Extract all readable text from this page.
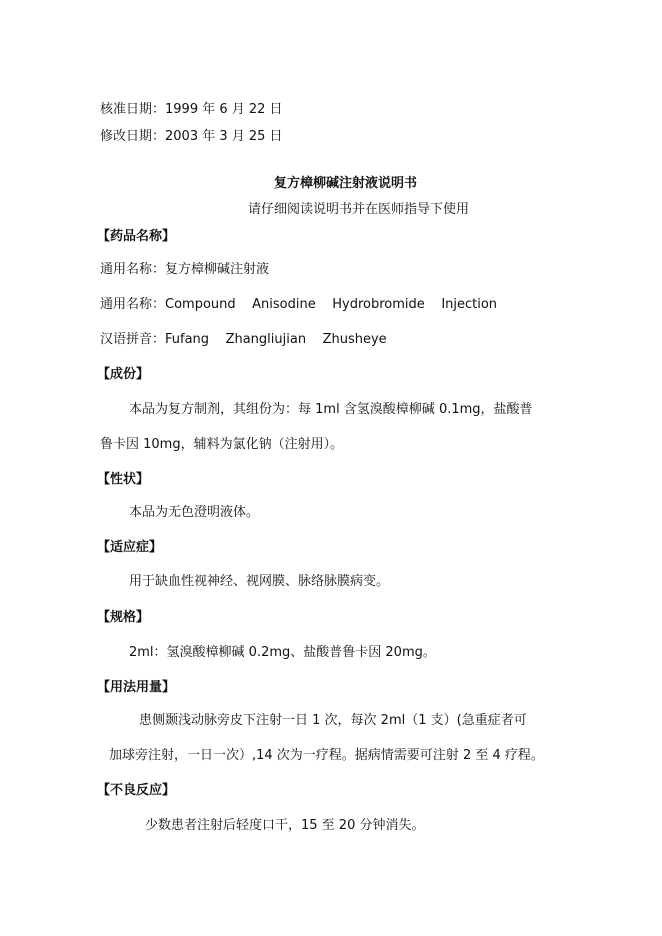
核准日期：1999 年 6 月 22 日
修改日期：2003 年 3 月 25 日
复方樟柳碱注射液说明书
请仔细阅读说明书并在医师指导下使用
【药品名称】
通用名称：复方樟柳碱注射液
通用名称：Compound    Anisodine    Hydrobromide    Injection
汉语拼音：Fufang    Zhangliujian    Zhusheye
【成份】
本品为复方制剂，其组份为：每 1ml 含氢溴酸樟柳碱 0.1mg，盐酸普
鲁卡因 10mg，辅料为氯化钠（注射用）。
【性状】
本品为无色澄明液体。
【适应症】
用于缺血性视神经、视网膜、脉络脉膜病变。
【规格】
2ml：氢溴酸樟柳碱 0.2mg、盐酸普鲁卡因 20mg。
【用法用量】
患侧颞浅动脉旁皮下注射一日 1 次，每次 2ml（1 支）(急重症者可
加球旁注射，一日一次）,14 次为一疗程。据病情需要可注射 2 至 4 疗程。
【不良反应】
少数患者注射后轻度口干，15 至 20 分钟消失。
